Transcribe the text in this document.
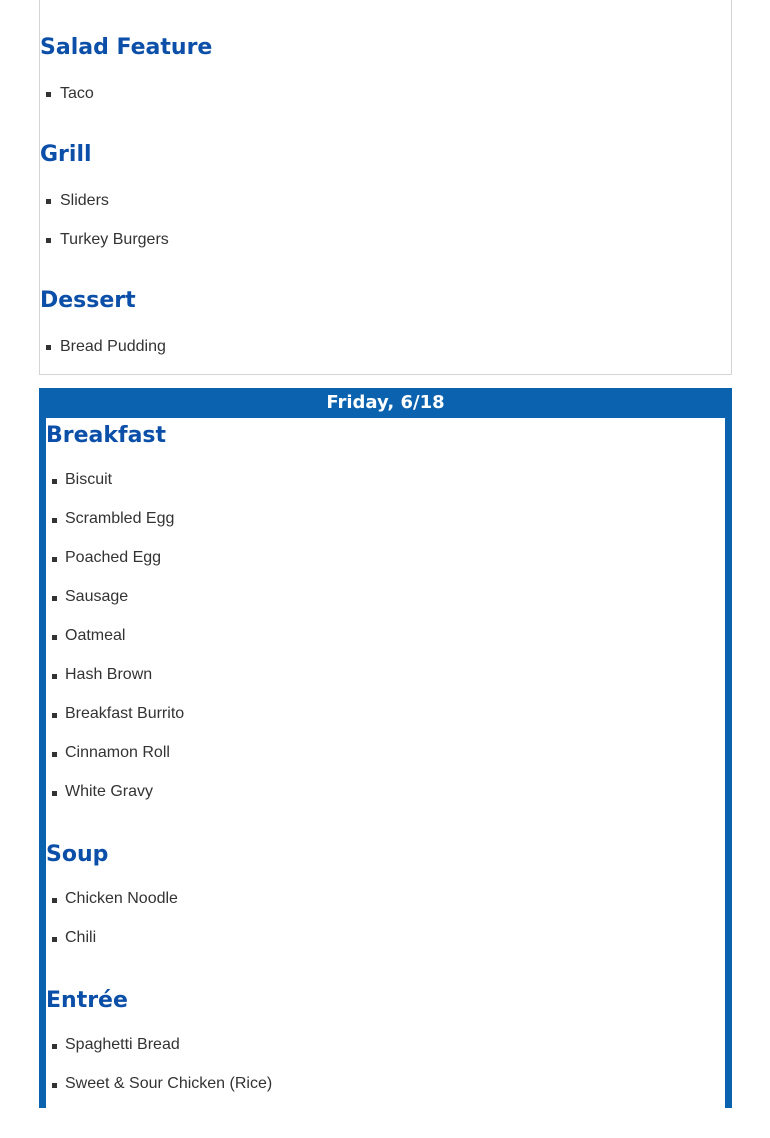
Salad Feature
Taco
Grill
Sliders
Turkey Burgers
Dessert
Bread Pudding
Friday, 6/18
Breakfast
Biscuit
Scrambled Egg
Poached Egg
Sausage
Oatmeal
Hash Brown
Breakfast Burrito
Cinnamon Roll
White Gravy
Soup
Chicken Noodle
Chili
Entrée
Spaghetti Bread
Sweet & Sour Chicken (Rice)
